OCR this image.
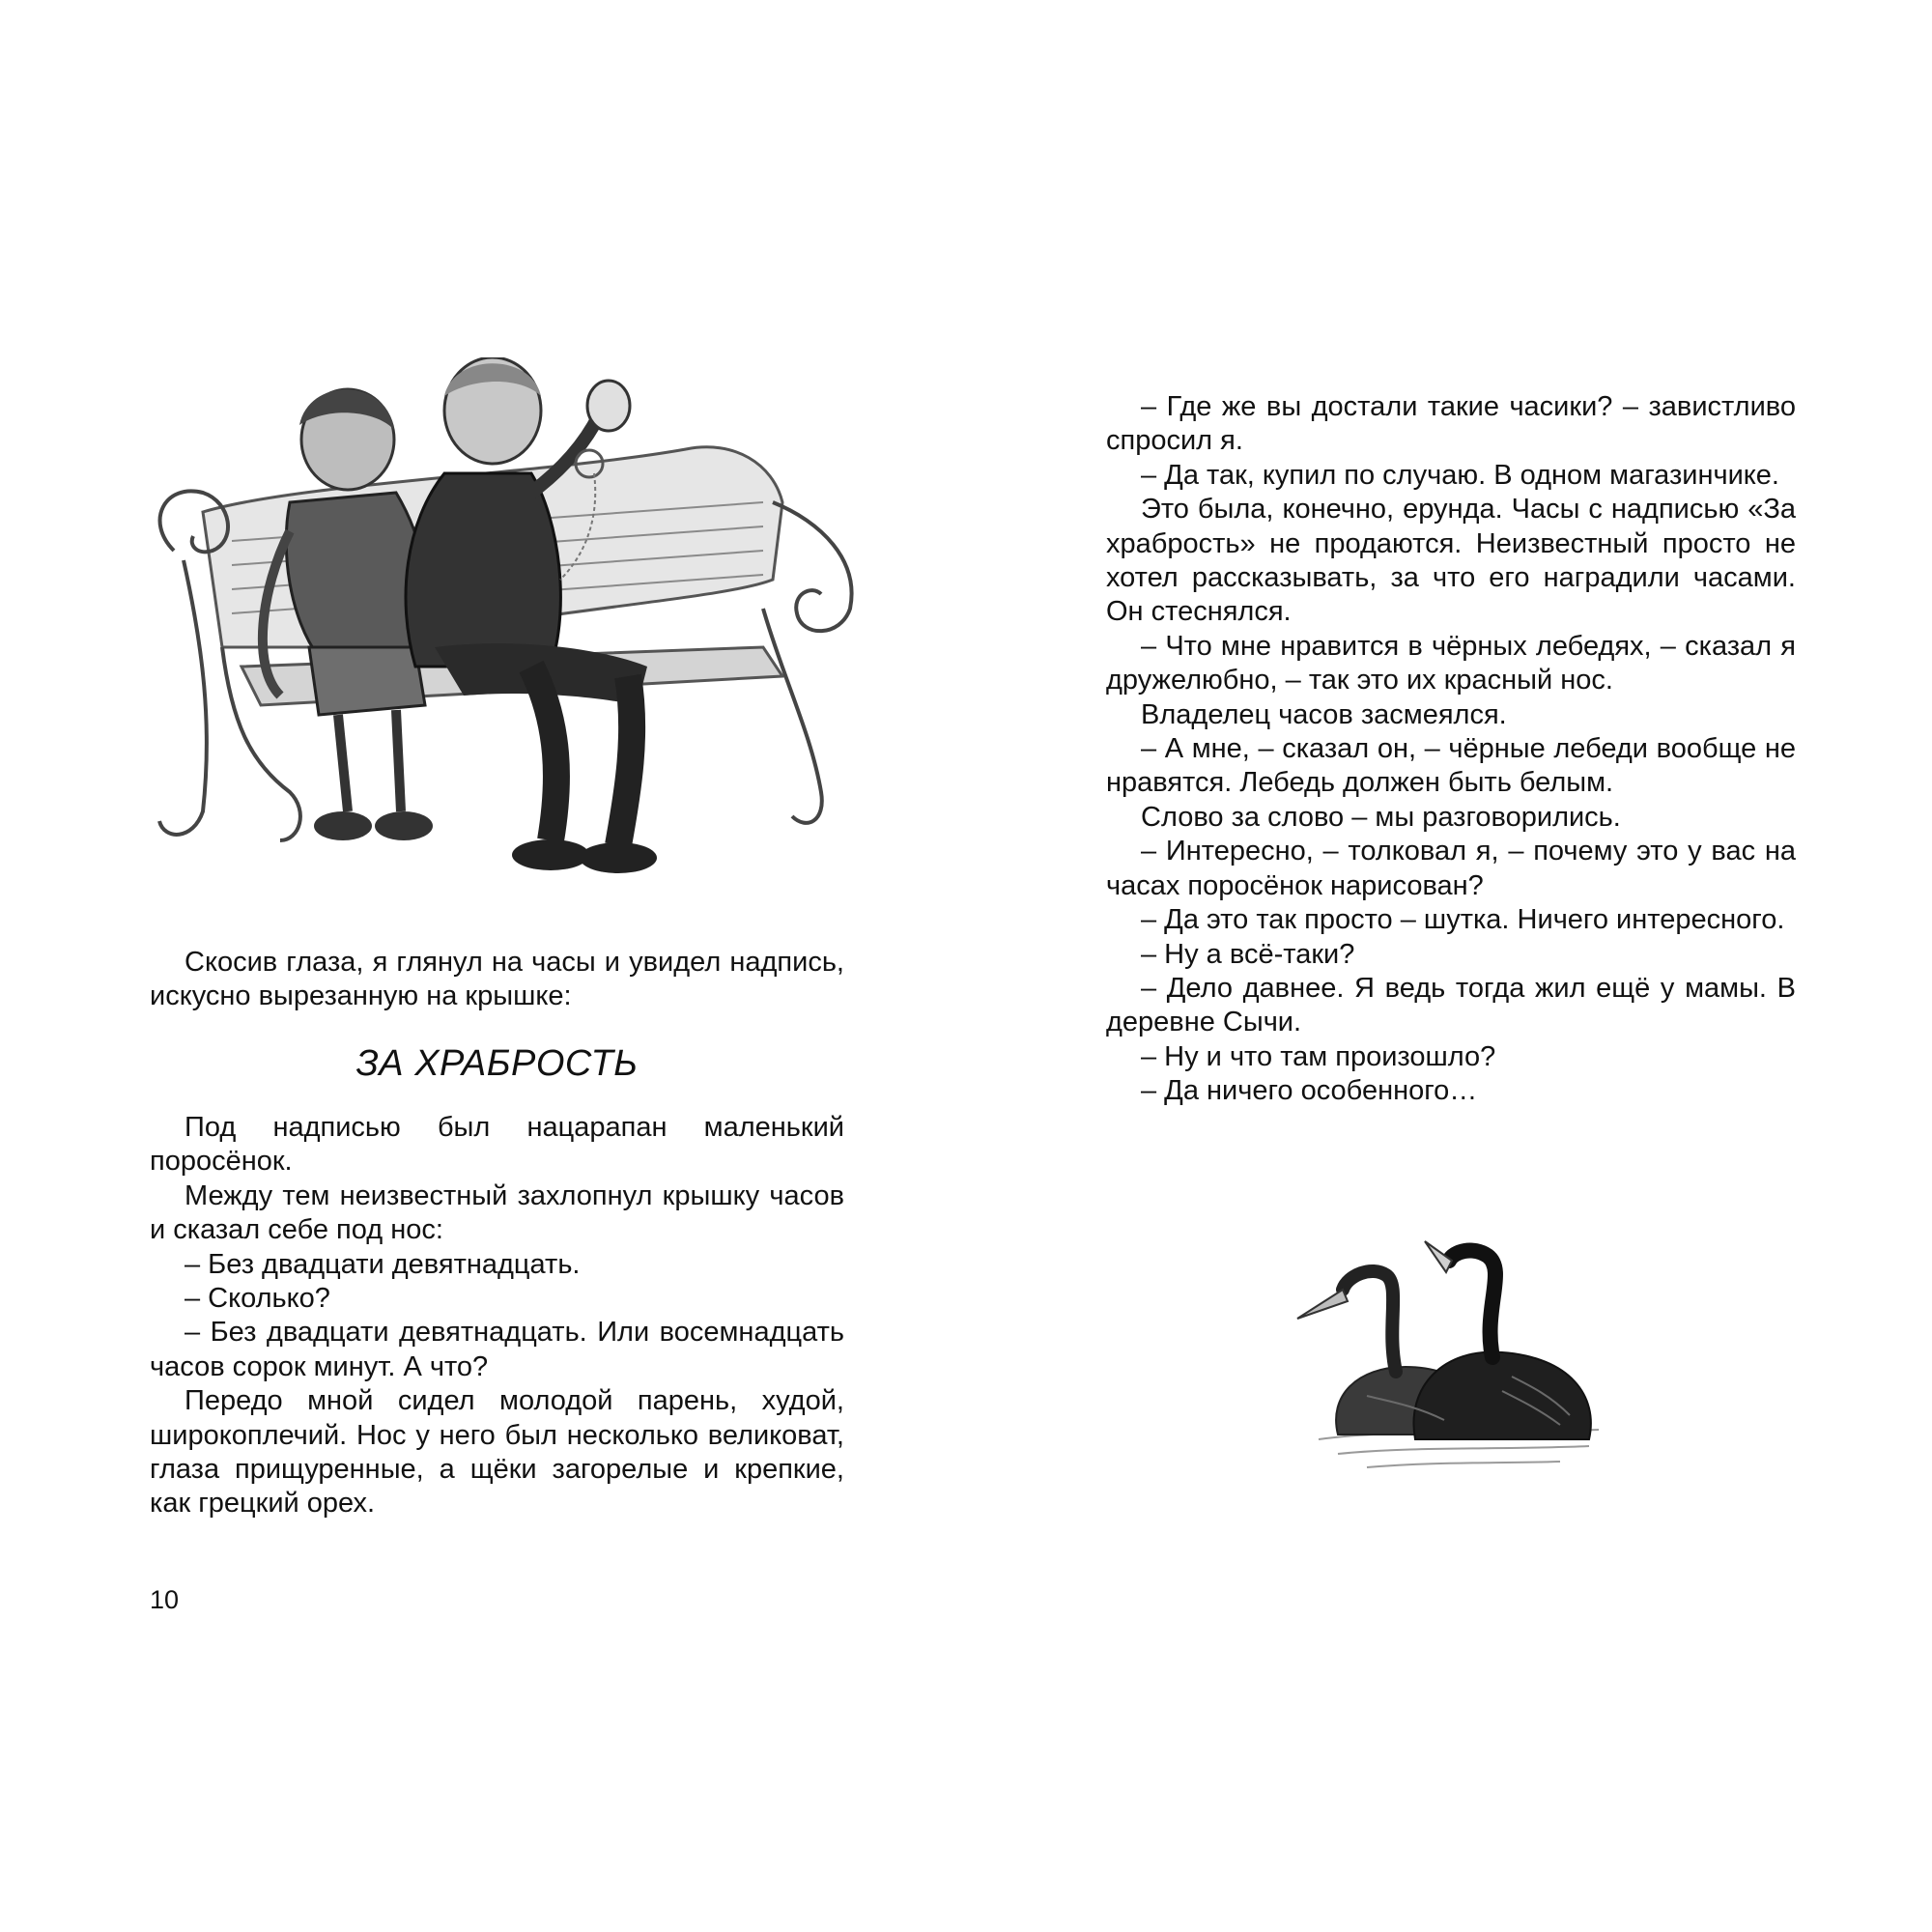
Скосив глаза, я глянул на часы и увидел надпись, искусно вырезанную на крышке:

ЗА ХРАБРОСТЬ

Под надписью был нацарапан маленький поросёнок.

Между тем неизвестный захлопнул крышку часов и сказал себе под нос:

– Без двадцати девятнадцать.

– Сколько?

– Без двадцати девятнадцать. Или восемнадцать часов сорок минут. А что?

Передо мной сидел молодой парень, худой, широкоплечий. Нос у него был несколько великоват, глаза прищуренные, а щёки загорелые и крепкие, как грецкий орех.

10

– Где же вы достали такие часики? – завистливо спросил я.

– Да так, купил по случаю. В одном магазинчике.

Это была, конечно, ерунда. Часы с надписью «За храбрость» не продаются. Неизвестный просто не хотел рассказывать, за что его наградили часами. Он стеснялся.

– Что мне нравится в чёрных лебедях, – сказал я дружелюбно, – так это их красный нос.

Владелец часов засмеялся.

– А мне, – сказал он, – чёрные лебеди вообще не нравятся. Лебедь должен быть белым.

Слово за слово – мы разговорились.

– Интересно, – толковал я, – почему это у вас на часах поросёнок нарисован?

– Да это так просто – шутка. Ничего интересного.

– Ну а всё-таки?

– Дело давнее. Я ведь тогда жил ещё у мамы. В деревне Сычи.

– Ну и что там произошло?

– Да ничего особенного…
